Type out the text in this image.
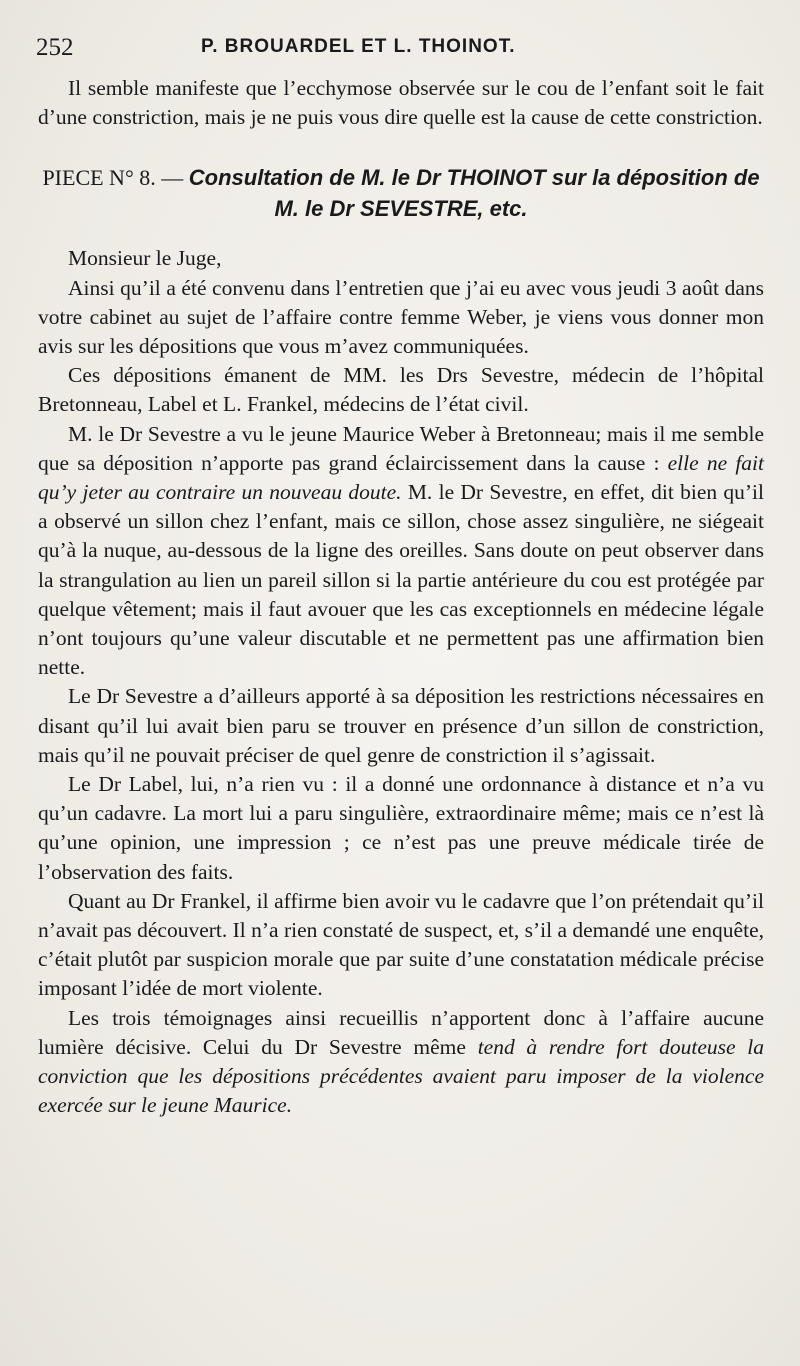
252	P. BROUARDEL ET L. THOINOT.

Il semble manifeste que l’ecchymose observée sur le cou de l’enfant soit le fait d’une constriction, mais je ne puis vous dire quelle est la cause de cette constriction.

PIECE N° 8. — Consultation de M. le Dr THOINOT sur la déposition de M. le Dr SEVESTRE, etc.

Monsieur le Juge,

Ainsi qu’il a été convenu dans l’entretien que j’ai eu avec vous jeudi 3 août dans votre cabinet au sujet de l’affaire contre femme Weber, je viens vous donner mon avis sur les dépositions que vous m’avez communiquées.

Ces dépositions émanent de MM. les Drs Sevestre, médecin de l’hôpital Bretonneau, Label et L. Frankel, médecins de l’état civil.

M. le Dr Sevestre a vu le jeune Maurice Weber à Bretonneau; mais il me semble que sa déposition n’apporte pas grand éclaircissement dans la cause : elle ne fait qu’y jeter au contraire un nouveau doute. M. le Dr Sevestre, en effet, dit bien qu’il a observé un sillon chez l’enfant, mais ce sillon, chose assez singulière, ne siégeait qu’à la nuque, au-dessous de la ligne des oreilles. Sans doute on peut observer dans la strangulation au lien un pareil sillon si la partie antérieure du cou est protégée par quelque vêtement; mais il faut avouer que les cas exceptionnels en médecine légale n’ont toujours qu’une valeur discutable et ne permettent pas une affirmation bien nette.

Le Dr Sevestre a d’ailleurs apporté à sa déposition les restrictions nécessaires en disant qu’il lui avait bien paru se trouver en présence d’un sillon de constriction, mais qu’il ne pouvait préciser de quel genre de constriction il s’agissait.

Le Dr Label, lui, n’a rien vu : il a donné une ordonnance à distance et n’a vu qu’un cadavre. La mort lui a paru singulière, extraordinaire même; mais ce n’est là qu’une opinion, une impression ; ce n’est pas une preuve médicale tirée de l’observation des faits.

Quant au Dr Frankel, il affirme bien avoir vu le cadavre que l’on prétendait qu’il n’avait pas découvert. Il n’a rien constaté de suspect, et, s’il a demandé une enquête, c’était plutôt par suspicion morale que par suite d’une constatation médicale précise imposant l’idée de mort violente.

Les trois témoignages ainsi recueillis n’apportent donc à l’affaire aucune lumière décisive. Celui du Dr Sevestre même tend à rendre fort douteuse la conviction que les dépositions précédentes avaient paru imposer de la violence exercée sur le jeune Maurice.
